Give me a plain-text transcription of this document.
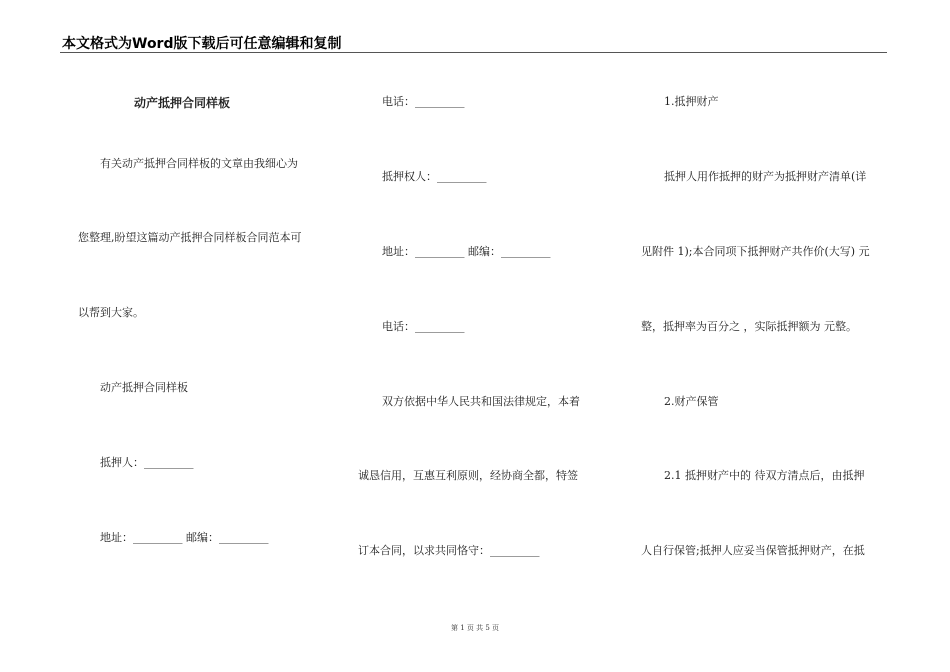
本文格式为Word版下载后可任意编辑和复制
动产抵押合同样板
有关动产抵押合同样板的文章由我细心为
您整理,盼望这篇动产抵押合同样板合同范本可
以帮到大家。
动产抵押合同样板
抵押人：_________
地址：_________ 邮编：_________
电话：_________
抵押权人：_________
地址：_________ 邮编：_________
电话：_________
双方依据中华人民共和国法律规定，本着
诚恳信用，互惠互利原则，经协商全都，特签
订本合同，以求共同恪守：_________
1.抵押财产
抵押人用作抵押的财产为抵押财产清单(详
见附件 1);本合同项下抵押财产共作价(大写) 元
整，抵押率为百分之 ，实际抵押额为 元整。
2.财产保管
2.1 抵押财产中的 待双方清点后，由抵押
人自行保管;抵押人应妥当保管抵押财产，在抵
第 1 页 共 5 页
